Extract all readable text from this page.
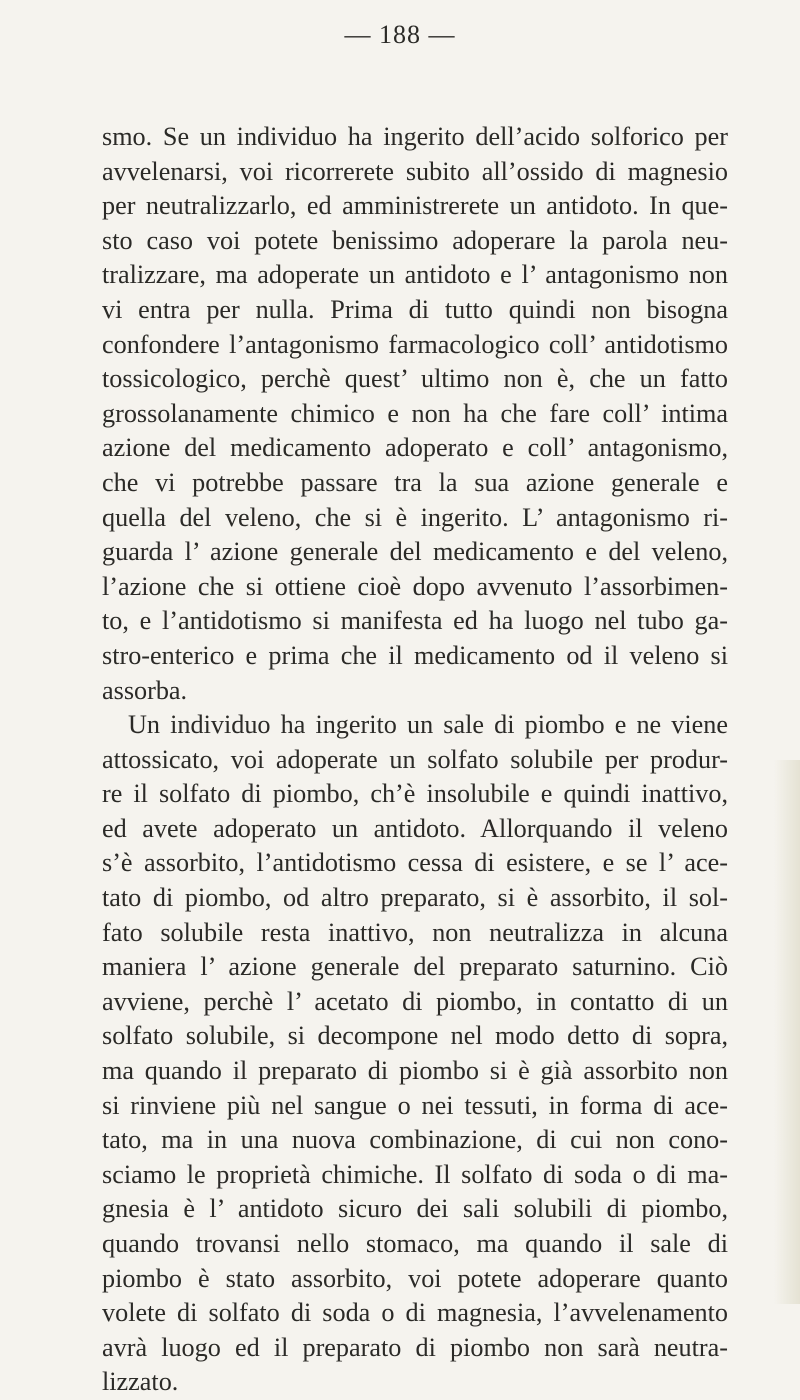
— 188 —
smo. Se un individuo ha ingerito dell’acido solforico per
avvelenarsi, voi ricorrerete subito all’ossido di magnesio
per neutralizzarlo, ed amministrerete un antidoto. In que-
sto caso voi potete benissimo adoperare la parola neu-
tralizzare, ma adoperate un antidoto e l’ antagonismo non
vi entra per nulla. Prima di tutto quindi non bisogna
confondere l’antagonismo farmacologico coll’ antidotismo
tossicologico, perchè quest’ ultimo non è, che un fatto
grossolanamente chimico e non ha che fare coll’ intima
azione del medicamento adoperato e coll’ antagonismo,
che vi potrebbe passare tra la sua azione generale e
quella del veleno, che si è ingerito. L’ antagonismo ri-
guarda l’ azione generale del medicamento e del veleno,
l’azione che si ottiene cioè dopo avvenuto l’assorbimen-
to, e l’antidotismo si manifesta ed ha luogo nel tubo ga-
stro-enterico e prima che il medicamento od il veleno si
assorba.
Un individuo ha ingerito un sale di piombo e ne viene
attossicato, voi adoperate un solfato solubile per produr-
re il solfato di piombo, ch’è insolubile e quindi inattivo,
ed avete adoperato un antidoto. Allorquando il veleno
s’è assorbito, l’antidotismo cessa di esistere, e se l’ ace-
tato di piombo, od altro preparato, si è assorbito, il sol-
fato solubile resta inattivo, non neutralizza in alcuna
maniera l’ azione generale del preparato saturnino. Ciò
avviene, perchè l’ acetato di piombo, in contatto di un
solfato solubile, si decompone nel modo detto di sopra,
ma quando il preparato di piombo si è già assorbito non
si rinviene più nel sangue o nei tessuti, in forma di ace-
tato, ma in una nuova combinazione, di cui non cono-
sciamo le proprietà chimiche. Il solfato di soda o di ma-
gnesia è l’ antidoto sicuro dei sali solubili di piombo,
quando trovansi nello stomaco, ma quando il sale di
piombo è stato assorbito, voi potete adoperare quanto
volete di solfato di soda o di magnesia, l’avvelenamento
avrà luogo ed il preparato di piombo non sarà neutra-
lizzato.
